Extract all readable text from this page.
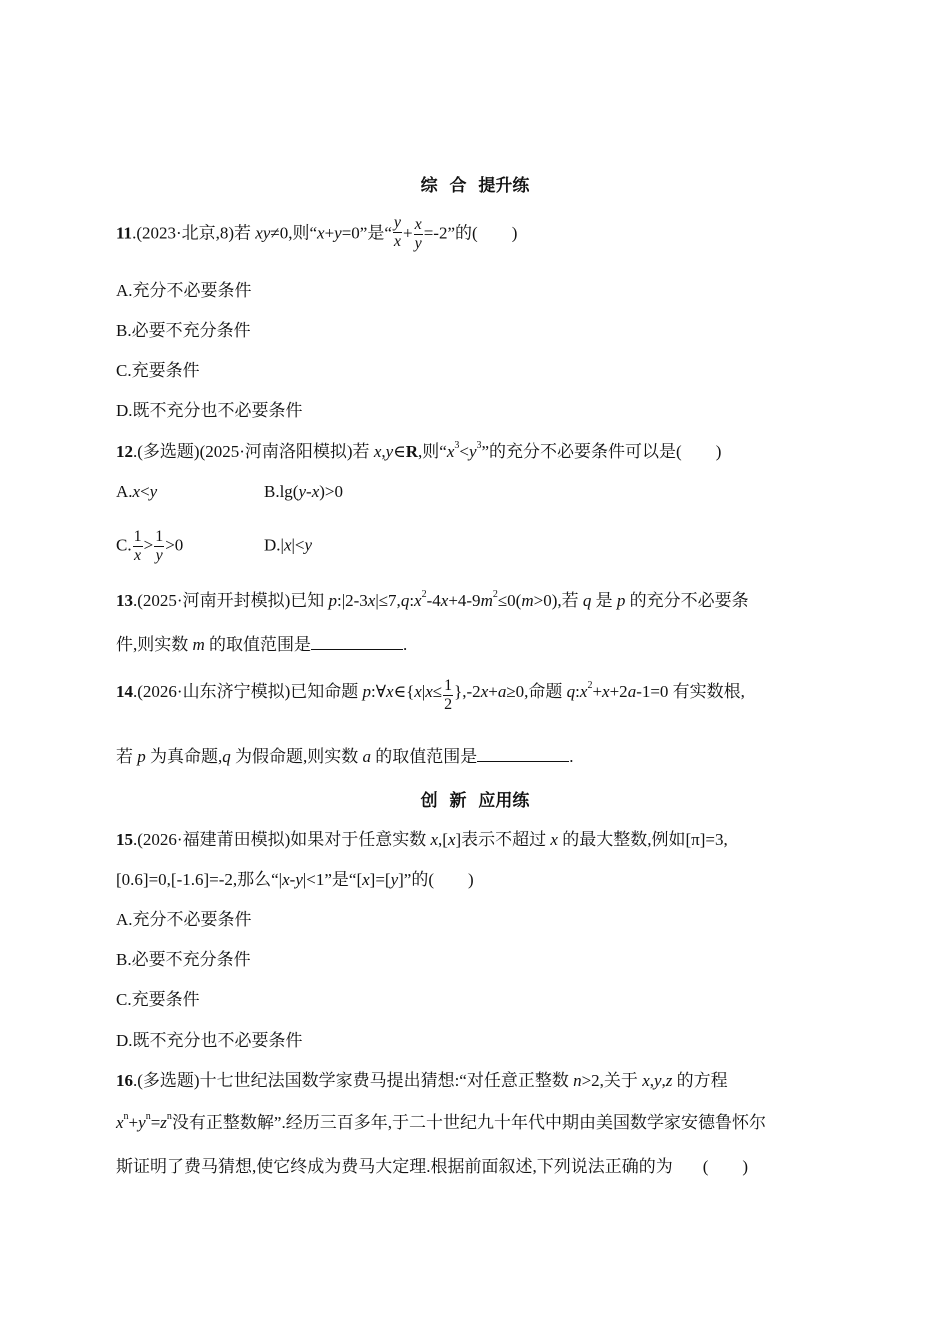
综 合 提升练
11.(2023·北京,8)若 xy≠0,则“x+y=0”是“ $\frac{y}{x} + \frac{x}{y} =-2$”的( )
A.充分不必要条件
B.必要不充分条件
C.充要条件
D.既不充分也不必要条件
12.(多选题)(2025·河南洛阳模拟)若 x,y∈R,则“$x^3<y^3$”的充分不必要条件可以是( )
A.x<y	B.lg(y-x)>0
C. $\frac{1}{x} > \frac{1}{y} >0$	D.|x|<y
13.(2025·河南开封模拟)已知 $p:|2-3x|\le 7,q:x^2-4x+4-9m^2\le 0(m>0)$,若 q 是 p 的充分不必要条
件,则实数 m 的取值范围是	.
14.(2026·山东济宁模拟)已知命题 p:∀x∈{x|x≤ $\frac{1}{2} \},-2x+a\ge 0$,命题 $q:x^2+x+2a-1=0$ 有实数根,
若 p 为真命题,q 为假命题,则实数 a 的取值范围是	.
创 新 应用练
15.(2026·福建莆田模拟)如果对于任意实数 x,[x]表示不超过 x 的最大整数,例如[π]=3,
[0.6]=0,[-1.6]=-2,那么“|x-y|<1”是“[x]=[y]”的( )
A.充分不必要条件
B.必要不充分条件
C.充要条件
D.既不充分也不必要条件
16.(多选题)十七世纪法国数学家费马提出猜想:“对任意正整数 n>2,关于 x,y,z 的方程
$x^n+y^n=z^n$没有正整数解”.经历三百多年,于二十世纪九十年代中期由美国数学家安德鲁怀尔
斯证明了费马猜想,使它终成为费马大定理.根据前面叙述,下列说法正确的为 ( )
